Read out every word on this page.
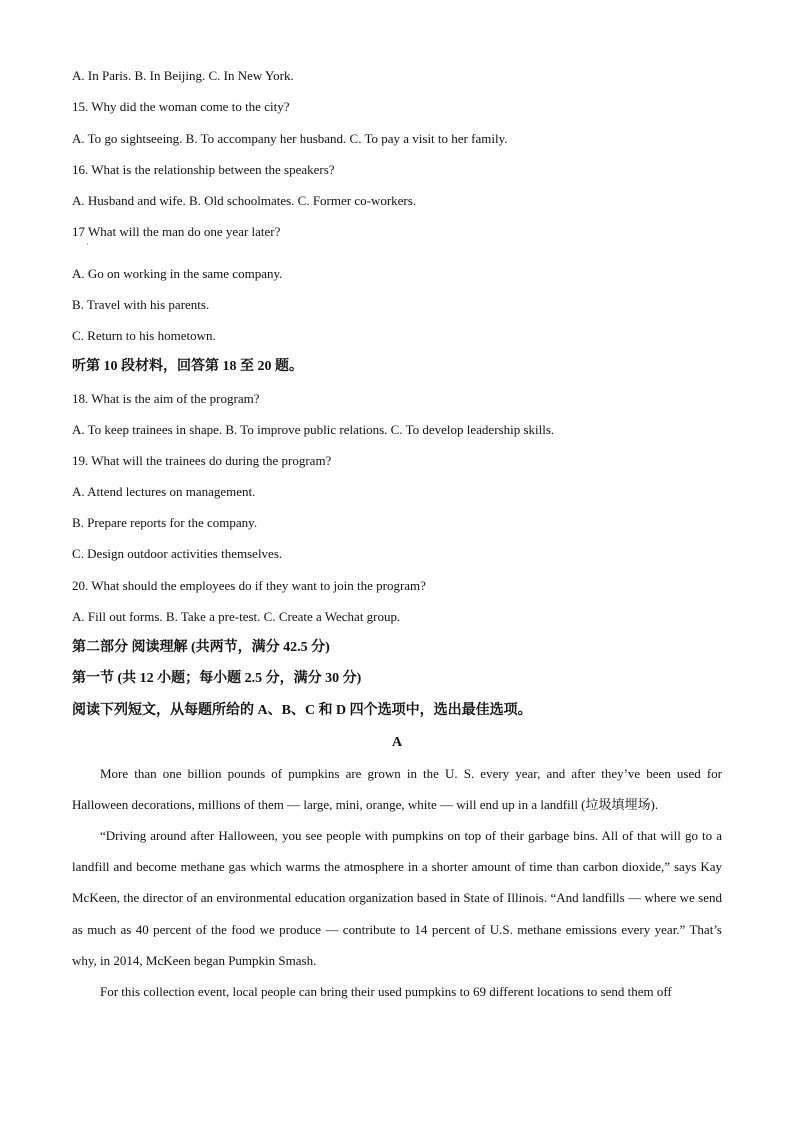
A. In Paris. B. In Beijing. C. In New York.
15. Why did the woman come to the city?
A. To go sightseeing. B. To accompany her husband. C. To pay a visit to her family.
16. What is the relationship between the speakers?
A. Husband and wife. B. Old schoolmates. C. Former co-workers.
17 What will the man do one year later?
·
A. Go on working in the same company.
B. Travel with his parents.
C. Return to his hometown.
听第 10 段材料，回答第 18 至 20 题。
18. What is the aim of the program?
A. To keep trainees in shape. B. To improve public relations. C. To develop leadership skills.
19. What will the trainees do during the program?
A. Attend lectures on management.
B. Prepare reports for the company.
C. Design outdoor activities themselves.
20. What should the employees do if they want to join the program?
A. Fill out forms. B. Take a pre-test. C. Create a Wechat group.
第二部分 阅读理解 (共两节，满分 42.5 分)
第一节 (共 12 小题；每小题 2.5 分，满分 30 分)
阅读下列短文，从每题所给的 A、B、C 和 D 四个选项中，选出最佳选项。
A
More than one billion pounds of pumpkins are grown in the U. S. every year, and after they’ve been used for Halloween decorations, millions of them — large, mini, orange, white — will end up in a landfill (垃圾填埋场).
“Driving around after Halloween, you see people with pumpkins on top of their garbage bins. All of that will go to a landfill and become methane gas which warms the atmosphere in a shorter amount of time than carbon dioxide,” says Kay McKeen, the director of an environmental education organization based in State of Illinois. “And landfills — where we send as much as 40 percent of the food we produce — contribute to 14 percent of U.S. methane emissions every year.” That’s why, in 2014, McKeen began Pumpkin Smash.
For this collection event, local people can bring their used pumpkins to 69 different locations to send them off
